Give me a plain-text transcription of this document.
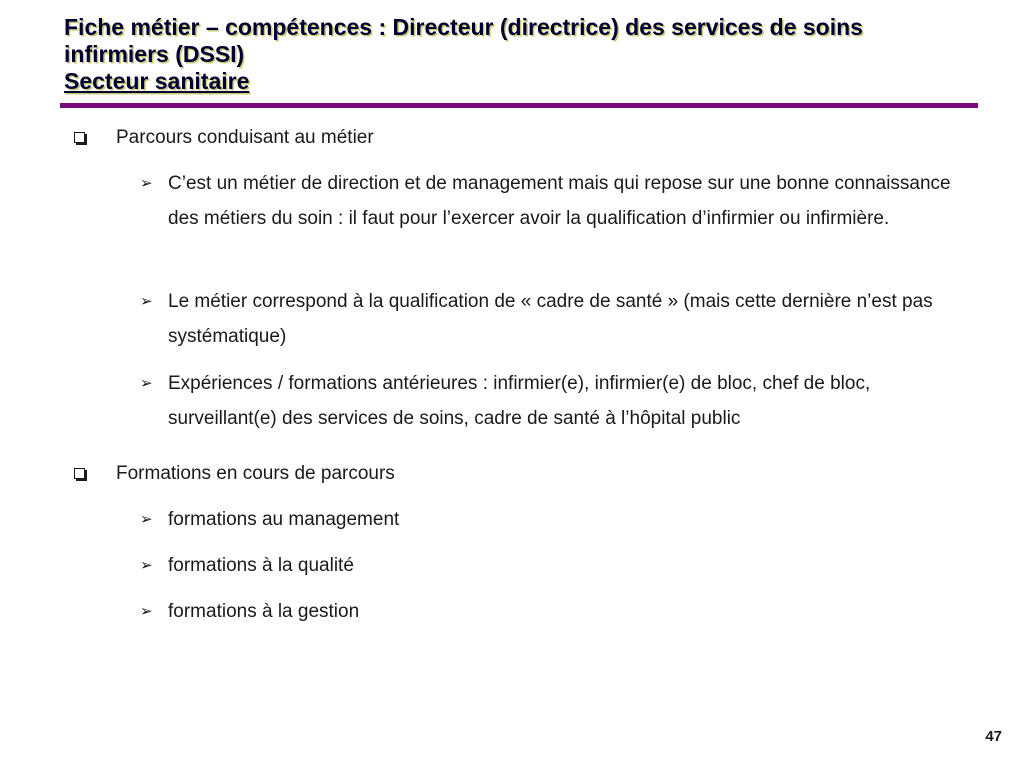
Fiche métier – compétences : Directeur (directrice) des services de soins
infirmiers (DSSI)
Secteur sanitaire
Parcours conduisant au métier
➢ C’est un métier de direction et de management mais qui repose sur une bonne connaissance des métiers du soin : il faut pour l’exercer avoir la qualification d’infirmier ou infirmière.
➢ Le métier correspond à la qualification de « cadre de santé » (mais cette dernière n’est pas systématique)
➢ Expériences / formations antérieures : infirmier(e), infirmier(e) de bloc, chef de bloc, surveillant(e) des services de soins, cadre de santé à l’hôpital public
Formations en cours de parcours
➢ formations au management
➢ formations à la qualité
➢ formations à la gestion
47
